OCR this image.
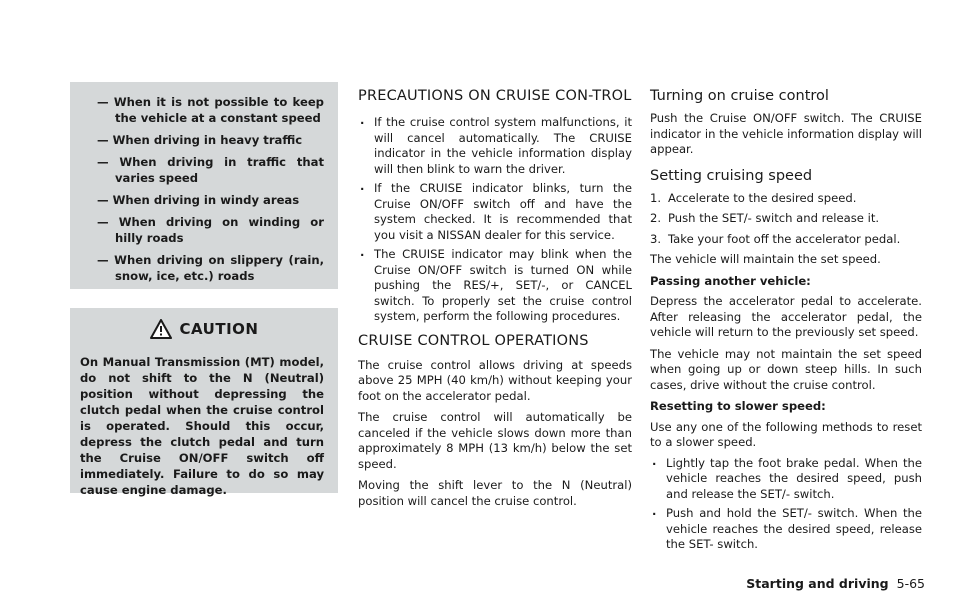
— When it is not possible to keep the vehicle at a constant speed
— When driving in heavy traffic
— When driving in traffic that varies speed
— When driving in windy areas
— When driving on winding or hilly roads
— When driving on slippery (rain, snow, ice, etc.) roads
CAUTION
On Manual Transmission (MT) model, do not shift to the N (Neutral) position without depressing the clutch pedal when the cruise control is operated. Should this occur, depress the clutch pedal and turn the Cruise ON/OFF switch off immediately. Failure to do so may cause engine damage.
PRECAUTIONS ON CRUISE CON-TROL
. If the cruise control system malfunctions, it will cancel automatically. The CRUISE indicator in the vehicle information display will then blink to warn the driver.
. If the CRUISE indicator blinks, turn the Cruise ON/OFF switch off and have the system checked. It is recommended that you visit a NISSAN dealer for this service.
. The CRUISE indicator may blink when the Cruise ON/OFF switch is turned ON while pushing the RES/+, SET/-, or CANCEL switch. To properly set the cruise control system, perform the following procedures.
CRUISE CONTROL OPERATIONS

The cruise control allows driving at speeds above 25 MPH (40 km/h) without keeping your foot on the accelerator pedal.

The cruise control will automatically be canceled if the vehicle slows down more than approximately 8 MPH (13 km/h) below the set speed.

Moving the shift lever to the N (Neutral) position will cancel the cruise control.

Turning on cruise control

Push the Cruise ON/OFF switch. The CRUISE indicator in the vehicle information display will appear.

Setting cruising speed
1. Accelerate to the desired speed.
2. Push the SET/- switch and release it.
3. Take your foot off the accelerator pedal.

The vehicle will maintain the set speed.

Passing another vehicle:

Depress the accelerator pedal to accelerate. After releasing the accelerator pedal, the vehicle will return to the previously set speed.

The vehicle may not maintain the set speed when going up or down steep hills. In such cases, drive without the cruise control.

Resetting to slower speed:

Use any one of the following methods to reset to a slower speed.

. Lightly tap the foot brake pedal. When the vehicle reaches the desired speed, push and release the SET/- switch.
. Push and hold the SET/- switch. When the vehicle reaches the desired speed, release the SET- switch.
Starting and driving 5-65
